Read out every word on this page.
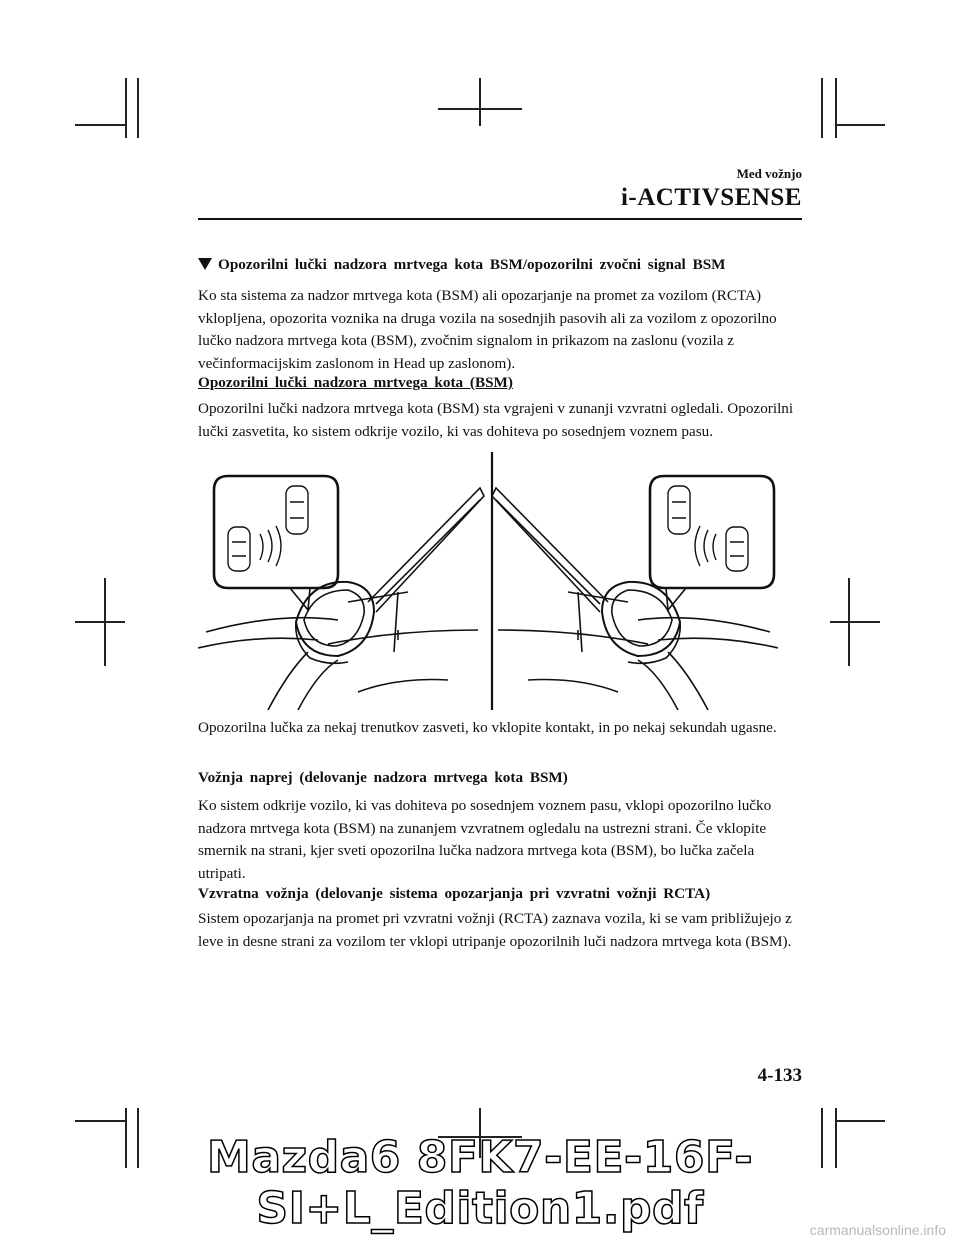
Med vožnjo
i-ACTIVSENSE
Opozorilni lučki nadzora mrtvega kota BSM/opozorilni zvočni signal BSM
Ko sta sistema za nadzor mrtvega kota (BSM) ali opozarjanje na promet za vozilom (RCTA) vklopljena, opozorita voznika na druga vozila na sosednjih pasovih ali za vozilom z opozorilno lučko nadzora mrtvega kota (BSM), zvočnim signalom in prikazom na zaslonu (vozila z večinformacijskim zaslonom in Head up zaslonom).
Opozorilni lučki nadzora mrtvega kota (BSM)
Opozorilni lučki nadzora mrtvega kota (BSM) sta vgrajeni v zunanji vzvratni ogledali. Opozorilni lučki zasvetita, ko sistem odkrije vozilo, ki vas dohiteva po sosednjem voznem pasu.
Opozorilna lučka za nekaj trenutkov zasveti, ko vklopite kontakt, in po nekaj sekundah ugasne.
Vožnja naprej (delovanje nadzora mrtvega kota BSM)
Ko sistem odkrije vozilo, ki vas dohiteva po sosednjem voznem pasu, vklopi opozorilno lučko nadzora mrtvega kota (BSM) na zunanjem vzvratnem ogledalu na ustrezni strani. Če vklopite smernik na strani, kjer sveti opozorilna lučka nadzora mrtvega kota (BSM), bo lučka začela utripati.
Vzvratna vožnja (delovanje sistema opozarjanja pri vzvratni vožnji RCTA)
Sistem opozarjanja na promet pri vzvratni vožnji (RCTA) zaznava vozila, ki se vam približujejo z leve in desne strani za vozilom ter vklopi utripanje opozorilnih luči nadzora mrtvega kota (BSM).
4-133
Mazda6 8FK7-EE-16F-SI+L_Edition1.pdf	carmanualsonline.info
